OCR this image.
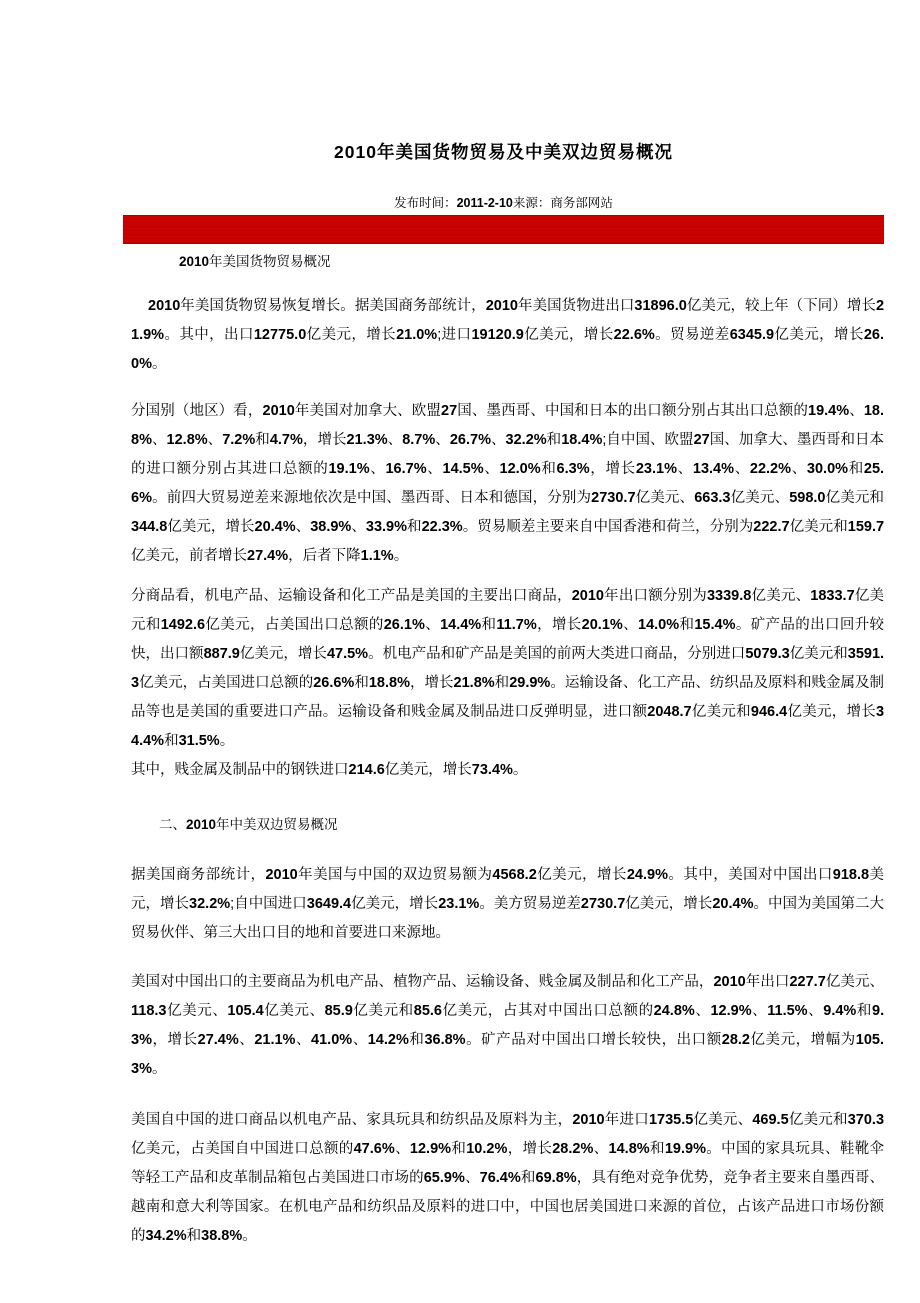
2010年美国货物贸易及中美双边贸易概况
发布时间：2011-2-10来源：商务部网站
2010年美国货物贸易概况

2010年美国货物贸易恢复增长。据美国商务部统计，2010年美国货物进出口31896.0亿美元，较上年（下同）增长21.9%。其中，出口12775.0亿美元，增长21.0%;进口19120.9亿美元，增长22.6%。贸易逆差6345.9亿美元，增长26.0%。

分国别（地区）看，2010年美国对加拿大、欧盟27国、墨西哥、中国和日本的出口额分别占其出口总额的19.4%、18.8%、12.8%、7.2%和4.7%，增长21.3%、8.7%、26.7%、32.2%和18.4%;自中国、欧盟27国、加拿大、墨西哥和日本的进口额分别占其进口总额的19.1%、16.7%、14.5%、12.0%和6.3%，增长23.1%、13.4%、22.2%、30.0%和25.6%。前四大贸易逆差来源地依次是中国、墨西哥、日本和德国，分别为2730.7亿美元、663.3亿美元、598.0亿美元和344.8亿美元，增长20.4%、38.9%、33.9%和22.3%。贸易顺差主要来自中国香港和荷兰，分别为222.7亿美元和159.7亿美元，前者增长27.4%，后者下降1.1%。

分商品看，机电产品、运输设备和化工产品是美国的主要出口商品，2010年出口额分别为3339.8亿美元、1833.7亿美元和1492.6亿美元，占美国出口总额的26.1%、14.4%和11.7%，增长20.1%、14.0%和15.4%。矿产品的出口回升较快，出口额887.9亿美元，增长47.5%。机电产品和矿产品是美国的前两大类进口商品，分别进口5079.3亿美元和3591.3亿美元，占美国进口总额的26.6%和18.8%，增长21.8%和29.9%。运输设备、化工产品、纺织品及原料和贱金属及制品等也是美国的重要进口产品。运输设备和贱金属及制品进口反弹明显，进口额2048.7亿美元和946.4亿美元，增长34.4%和31.5%。

其中，贱金属及制品中的钢铁进口214.6亿美元，增长73.4%。

二、2010年中美双边贸易概况

据美国商务部统计，2010年美国与中国的双边贸易额为4568.2亿美元，增长24.9%。其中，美国对中国出口918.8美元，增长32.2%;自中国进口3649.4亿美元，增长23.1%。美方贸易逆差2730.7亿美元，增长20.4%。中国为美国第二大贸易伙伴、第三大出口目的地和首要进口来源地。

美国对中国出口的主要商品为机电产品、植物产品、运输设备、贱金属及制品和化工产品，2010年出口227.7亿美元、118.3亿美元、105.4亿美元、85.9亿美元和85.6亿美元，占其对中国出口总额的24.8%、12.9%、11.5%、9.4%和9.3%，增长27.4%、21.1%、41.0%、14.2%和36.8%。矿产品对中国出口增长较快，出口额28.2亿美元，增幅为105.3%。

美国自中国的进口商品以机电产品、家具玩具和纺织品及原料为主，2010年进口1735.5亿美元、469.5亿美元和370.3亿美元，占美国自中国进口总额的47.6%、12.9%和10.2%，增长28.2%、14.8%和19.9%。中国的家具玩具、鞋靴伞等轻工产品和皮革制品箱包占美国进口市场的65.9%、76.4%和69.8%，具有绝对竞争优势，竞争者主要来自墨西哥、越南和意大利等国家。在机电产品和纺织品及原料的进口中，中国也居美国进口来源的首位，占该产品进口市场份额的34.2%和38.8%。
